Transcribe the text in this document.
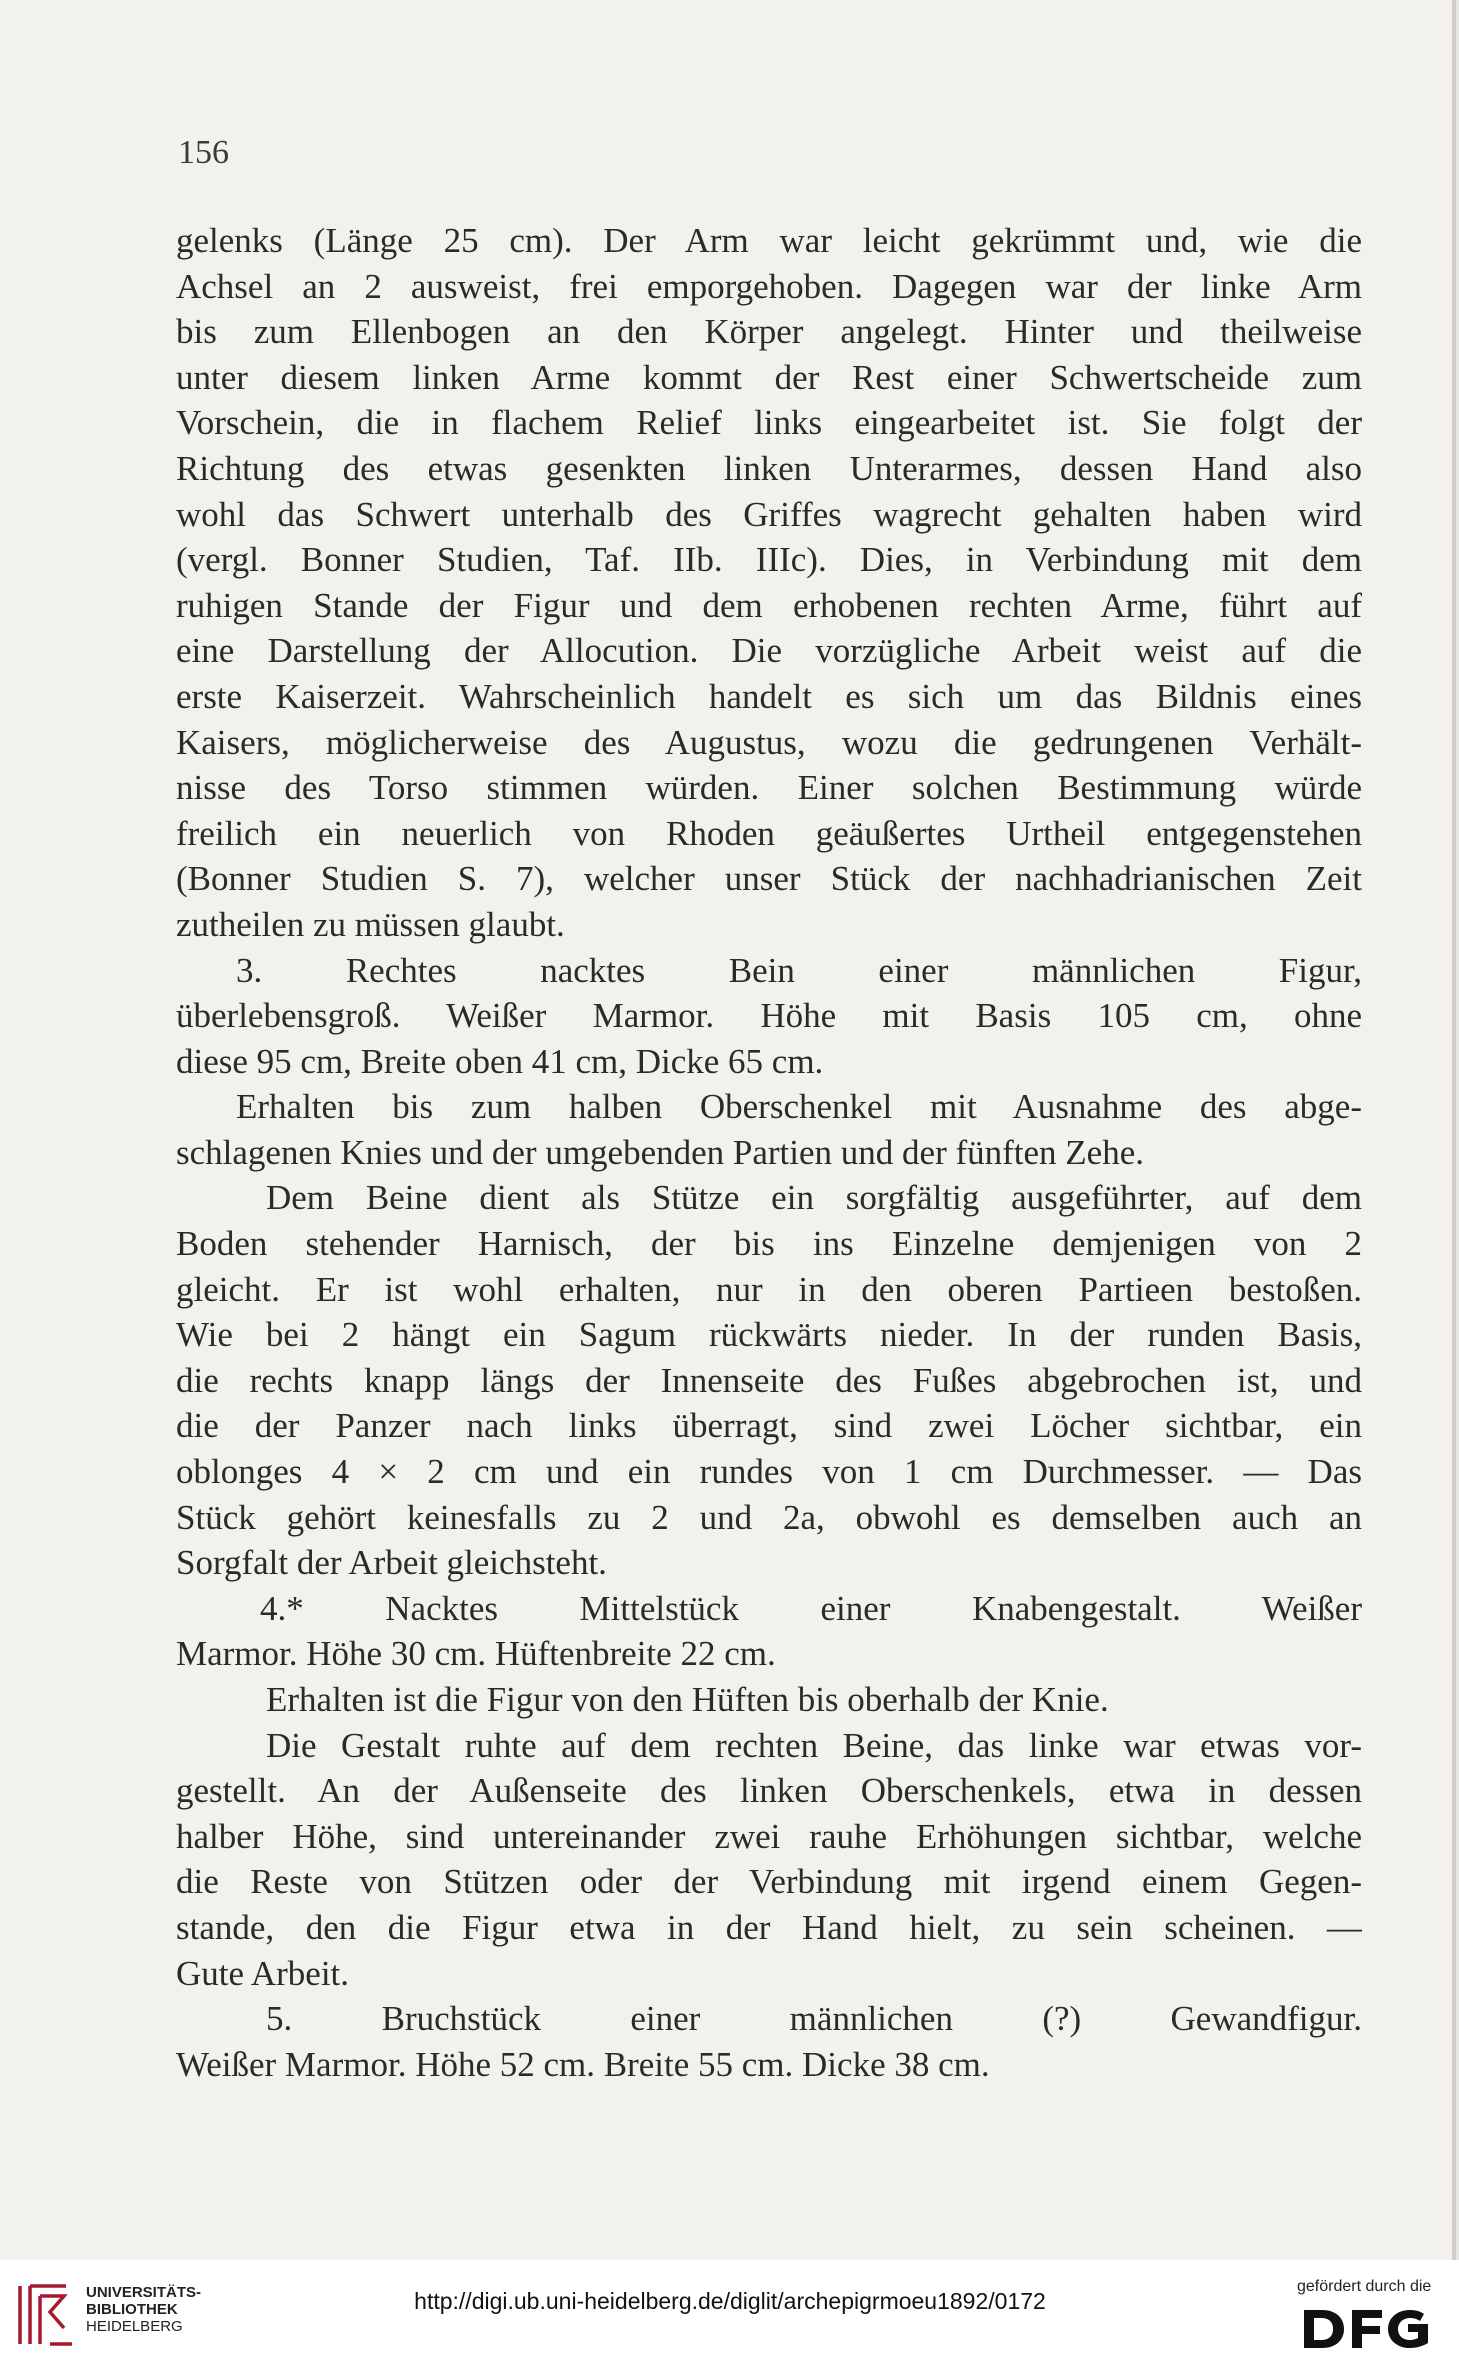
156
gelenks (Länge 25 cm). Der Arm war leicht gekrümmt und, wie die
Achsel an 2 ausweist, frei emporgehoben. Dagegen war der linke Arm
bis zum Ellenbogen an den Körper angelegt. Hinter und theilweise
unter diesem linken Arme kommt der Rest einer Schwertscheide zum
Vorschein, die in flachem Relief links eingearbeitet ist. Sie folgt der
Richtung des etwas gesenkten linken Unterarmes, dessen Hand also
wohl das Schwert unterhalb des Griffes wagrecht gehalten haben wird
(vergl. Bonner Studien, Taf. IIb. IIIc). Dies, in Verbindung mit dem
ruhigen Stande der Figur und dem erhobenen rechten Arme, führt auf
eine Darstellung der Allocution. Die vorzügliche Arbeit weist auf die
erste Kaiserzeit. Wahrscheinlich handelt es sich um das Bildnis eines
Kaisers, möglicherweise des Augustus, wozu die gedrungenen Verhält-
nisse des Torso stimmen würden. Einer solchen Bestimmung würde
freilich ein neuerlich von Rhoden geäußertes Urtheil entgegenstehen
(Bonner Studien S. 7), welcher unser Stück der nachhadrianischen Zeit
zutheilen zu müssen glaubt.
3. Rechtes nacktes Bein einer männlichen Figur,
überlebensgroß. Weißer Marmor. Höhe mit Basis 105 cm, ohne
diese 95 cm, Breite oben 41 cm, Dicke 65 cm.
Erhalten bis zum halben Oberschenkel mit Ausnahme des abge-
schlagenen Knies und der umgebenden Partien und der fünften Zehe.
Dem Beine dient als Stütze ein sorgfältig ausgeführter, auf dem
Boden stehender Harnisch, der bis ins Einzelne demjenigen von 2
gleicht. Er ist wohl erhalten, nur in den oberen Partieen bestoßen.
Wie bei 2 hängt ein Sagum rückwärts nieder. In der runden Basis,
die rechts knapp längs der Innenseite des Fußes abgebrochen ist, und
die der Panzer nach links überragt, sind zwei Löcher sichtbar, ein
oblonges 4 × 2 cm und ein rundes von 1 cm Durchmesser. — Das
Stück gehört keinesfalls zu 2 und 2a, obwohl es demselben auch an
Sorgfalt der Arbeit gleichsteht.
4.* Nacktes Mittelstück einer Knabengestalt. Weißer
Marmor. Höhe 30 cm. Hüftenbreite 22 cm.
Erhalten ist die Figur von den Hüften bis oberhalb der Knie.
Die Gestalt ruhte auf dem rechten Beine, das linke war etwas vor-
gestellt. An der Außenseite des linken Oberschenkels, etwa in dessen
halber Höhe, sind untereinander zwei rauhe Erhöhungen sichtbar, welche
die Reste von Stützen oder der Verbindung mit irgend einem Gegen-
stande, den die Figur etwa in der Hand hielt, zu sein scheinen. —
Gute Arbeit.
5. Bruchstück einer männlichen (?) Gewandfigur.
Weißer Marmor. Höhe 52 cm. Breite 55 cm. Dicke 38 cm.
UNIVERSITÄTS-
BIBLIOTHEK
HEIDELBERG
http://digi.ub.uni-heidelberg.de/diglit/archepigrmoeu1892/0172
gefördert durch die
DFG
